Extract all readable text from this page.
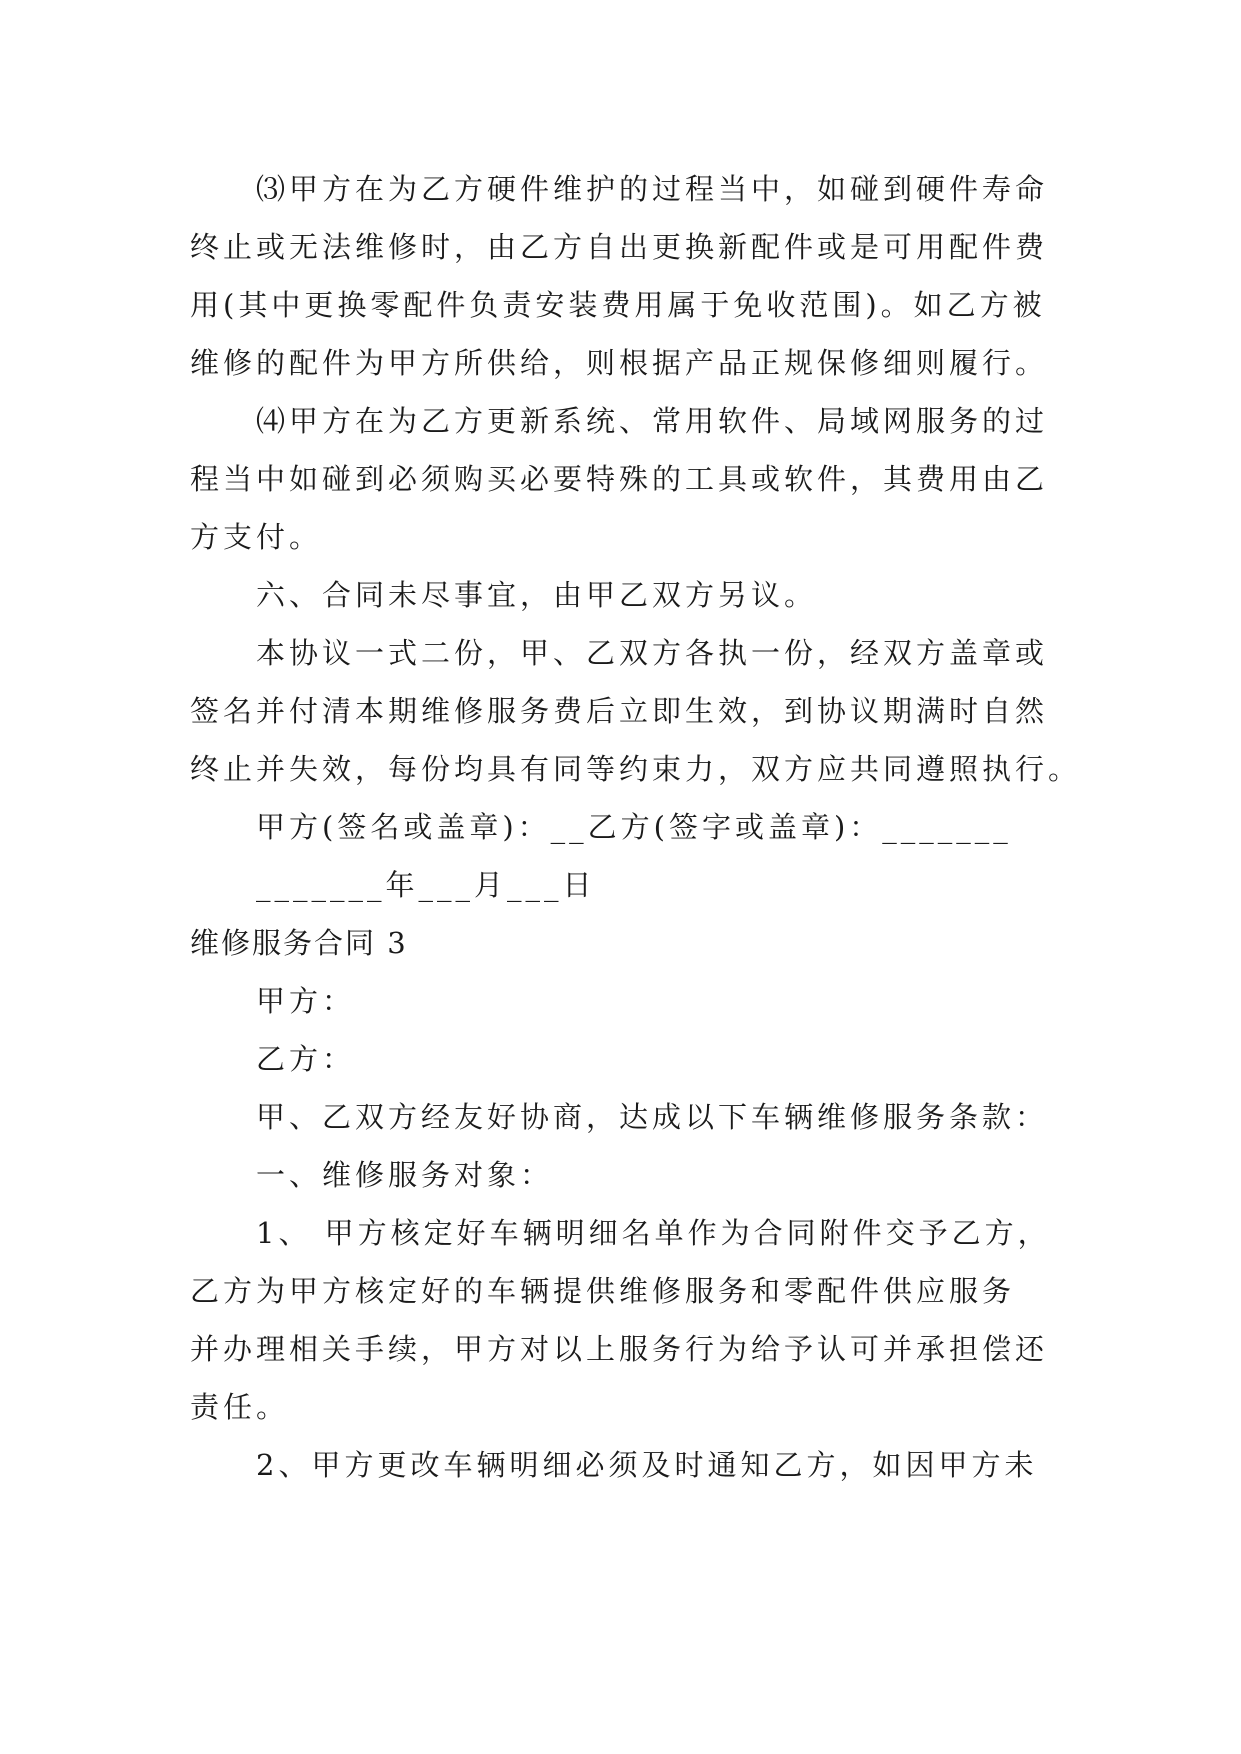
⑶甲方在为乙方硬件维护的过程当中，如碰到硬件寿命
终止或无法维修时，由乙方自出更换新配件或是可用配件费
用(其中更换零配件负责安装费用属于免收范围)。如乙方被
维修的配件为甲方所供给，则根据产品正规保修细则履行。

⑷甲方在为乙方更新系统、常用软件、局域网服务的过
程当中如碰到必须购买必要特殊的工具或软件，其费用由乙
方支付。

六、合同未尽事宜，由甲乙双方另议。

本协议一式二份，甲、乙双方各执一份，经双方盖章或
签名并付清本期维修服务费后立即生效，到协议期满时自然
终止并失效，每份均具有同等约束力，双方应共同遵照执行。

甲方(签名或盖章)：__乙方(签字或盖章)：_______

_______年___月___日

维修服务合同 3

甲方：

乙方：

甲、乙双方经友好协商，达成以下车辆维修服务条款：

一、维修服务对象：

1、 甲方核定好车辆明细名单作为合同附件交予乙方，
乙方为甲方核定好的车辆提供维修服务和零配件供应服务
并办理相关手续，甲方对以上服务行为给予认可并承担偿还
责任。

2、甲方更改车辆明细必须及时通知乙方，如因甲方未
